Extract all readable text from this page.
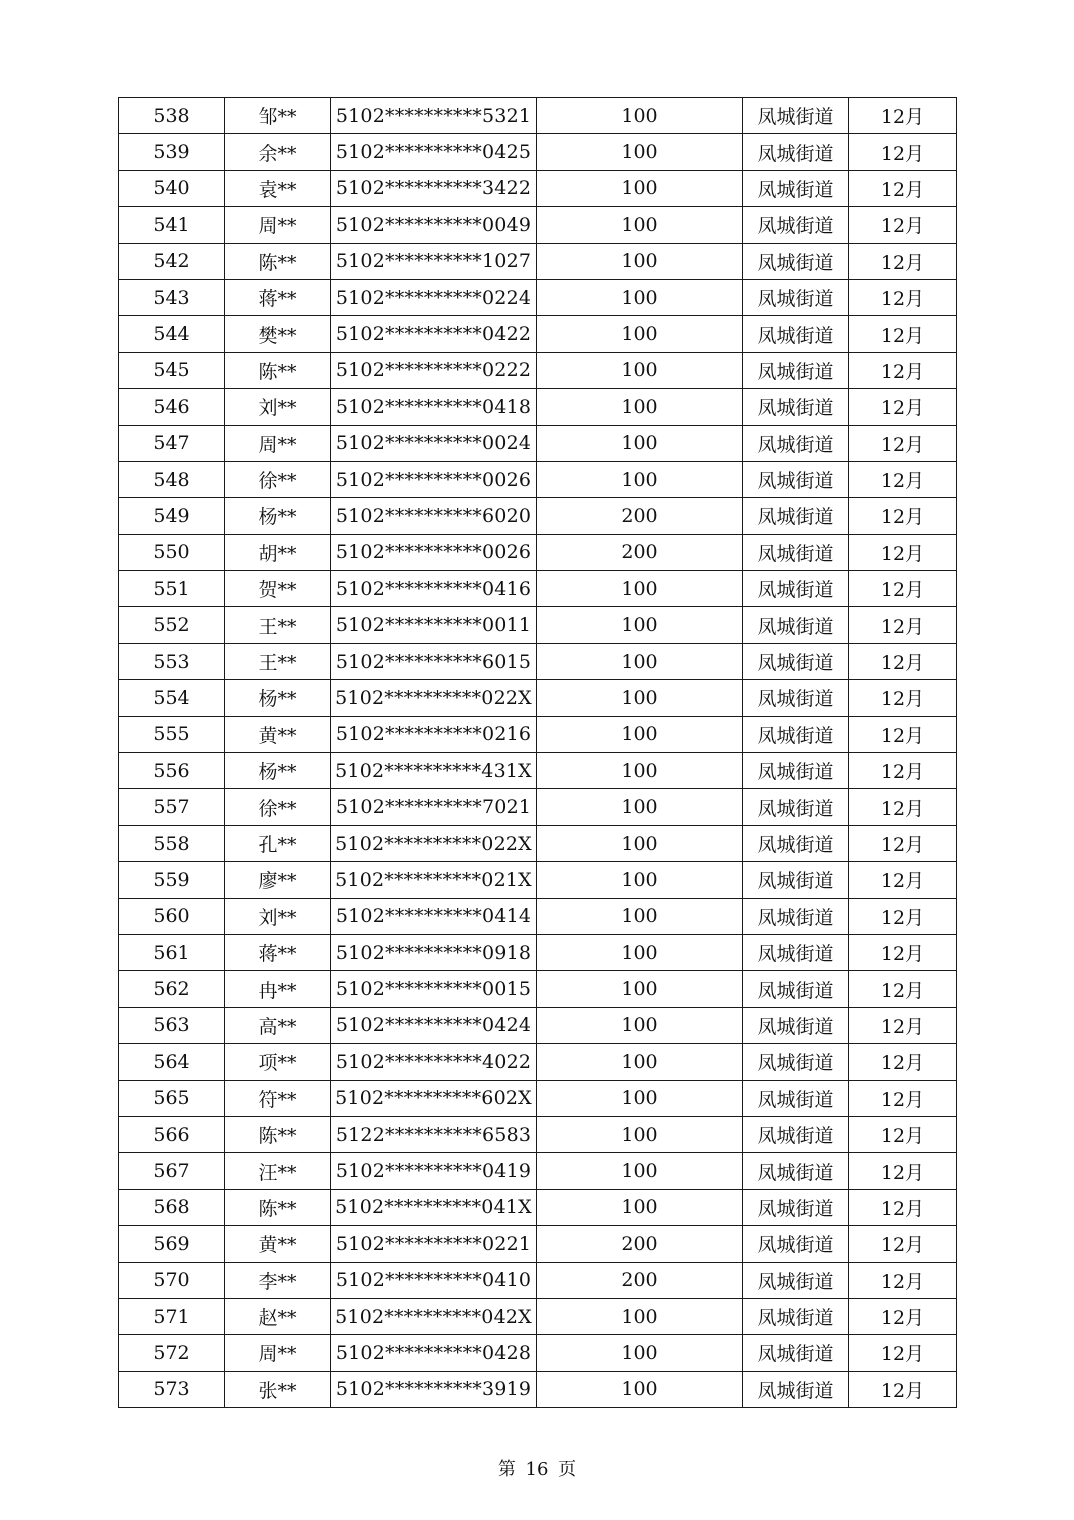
538	邹**	5102**********5321	100	凤城街道	12月
539	余**	5102**********0425	100	凤城街道	12月
540	袁**	5102**********3422	100	凤城街道	12月
541	周**	5102**********0049	100	凤城街道	12月
542	陈**	5102**********1027	100	凤城街道	12月
543	蒋**	5102**********0224	100	凤城街道	12月
544	樊**	5102**********0422	100	凤城街道	12月
545	陈**	5102**********0222	100	凤城街道	12月
546	刘**	5102**********0418	100	凤城街道	12月
547	周**	5102**********0024	100	凤城街道	12月
548	徐**	5102**********0026	100	凤城街道	12月
549	杨**	5102**********6020	200	凤城街道	12月
550	胡**	5102**********0026	200	凤城街道	12月
551	贺**	5102**********0416	100	凤城街道	12月
552	王**	5102**********0011	100	凤城街道	12月
553	王**	5102**********6015	100	凤城街道	12月
554	杨**	5102**********022X	100	凤城街道	12月
555	黄**	5102**********0216	100	凤城街道	12月
556	杨**	5102**********431X	100	凤城街道	12月
557	徐**	5102**********7021	100	凤城街道	12月
558	孔**	5102**********022X	100	凤城街道	12月
559	廖**	5102**********021X	100	凤城街道	12月
560	刘**	5102**********0414	100	凤城街道	12月
561	蒋**	5102**********0918	100	凤城街道	12月
562	冉**	5102**********0015	100	凤城街道	12月
563	高**	5102**********0424	100	凤城街道	12月
564	项**	5102**********4022	100	凤城街道	12月
565	符**	5102**********602X	100	凤城街道	12月
566	陈**	5122**********6583	100	凤城街道	12月
567	汪**	5102**********0419	100	凤城街道	12月
568	陈**	5102**********041X	100	凤城街道	12月
569	黄**	5102**********0221	200	凤城街道	12月
570	李**	5102**********0410	200	凤城街道	12月
571	赵**	5102**********042X	100	凤城街道	12月
572	周**	5102**********0428	100	凤城街道	12月
573	张**	5102**********3919	100	凤城街道	12月
第 16 页
